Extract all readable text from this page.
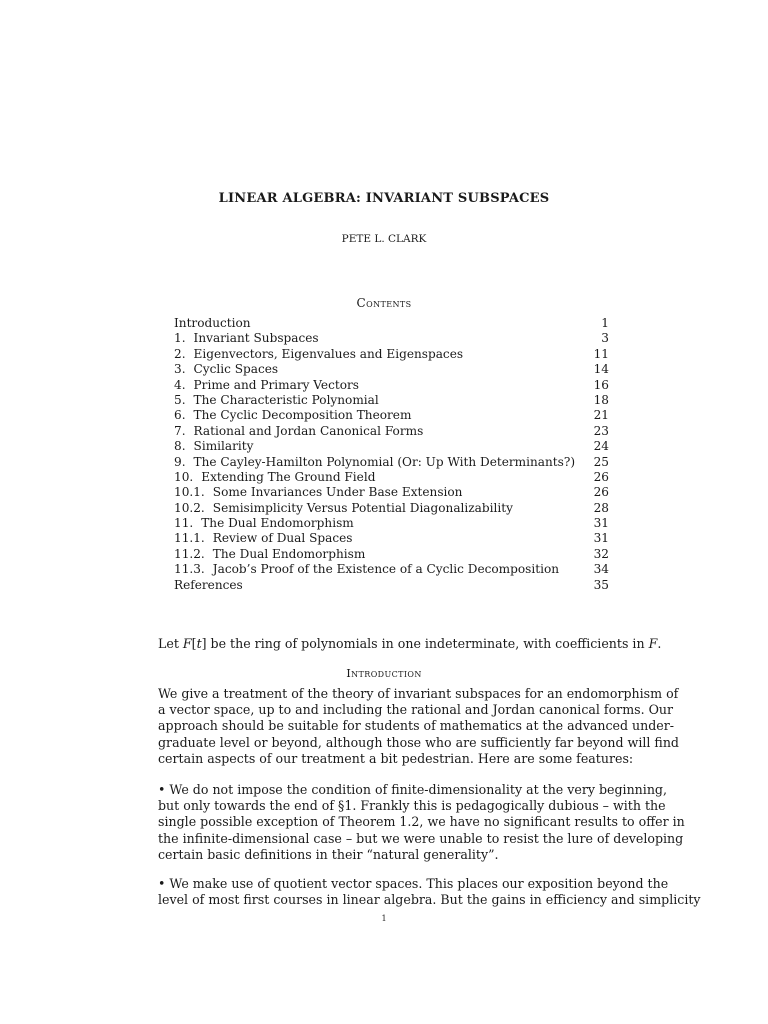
LINEAR ALGEBRA: INVARIANT SUBSPACES
PETE L. CLARK
Contents
Introduction	1
1. Invariant Subspaces	3
2. Eigenvectors, Eigenvalues and Eigenspaces	11
3. Cyclic Spaces	14
4. Prime and Primary Vectors	16
5. The Characteristic Polynomial	18
6. The Cyclic Decomposition Theorem	21
7. Rational and Jordan Canonical Forms	23
8. Similarity	24
9. The Cayley-Hamilton Polynomial (Or: Up With Determinants?) 25
10. Extending The Ground Field	26
10.1. Some Invariances Under Base Extension	26
10.2. Semisimplicity Versus Potential Diagonalizability	28
11. The Dual Endomorphism	31
11.1. Review of Dual Spaces	31
11.2. The Dual Endomorphism	32
11.3. Jacob’s Proof of the Existence of a Cyclic Decomposition	34
References	35
Let F[t] be the ring of polynomials in one indeterminate, with coefficients in F.
Introduction
We give a treatment of the theory of invariant subspaces for an endomorphism of
a vector space, up to and including the rational and Jordan canonical forms. Our
approach should be suitable for students of mathematics at the advanced under-
graduate level or beyond, although those who are sufficiently far beyond will find
certain aspects of our treatment a bit pedestrian. Here are some features:
• We do not impose the condition of finite-dimensionality at the very beginning,
but only towards the end of §1. Frankly this is pedagogically dubious – with the
single possible exception of Theorem 1.2, we have no significant results to offer in
the infinite-dimensional case – but we were unable to resist the lure of developing
certain basic definitions in their “natural generality”.
• We make use of quotient vector spaces. This places our exposition beyond the
level of most first courses in linear algebra. But the gains in efficiency and simplicity
1
